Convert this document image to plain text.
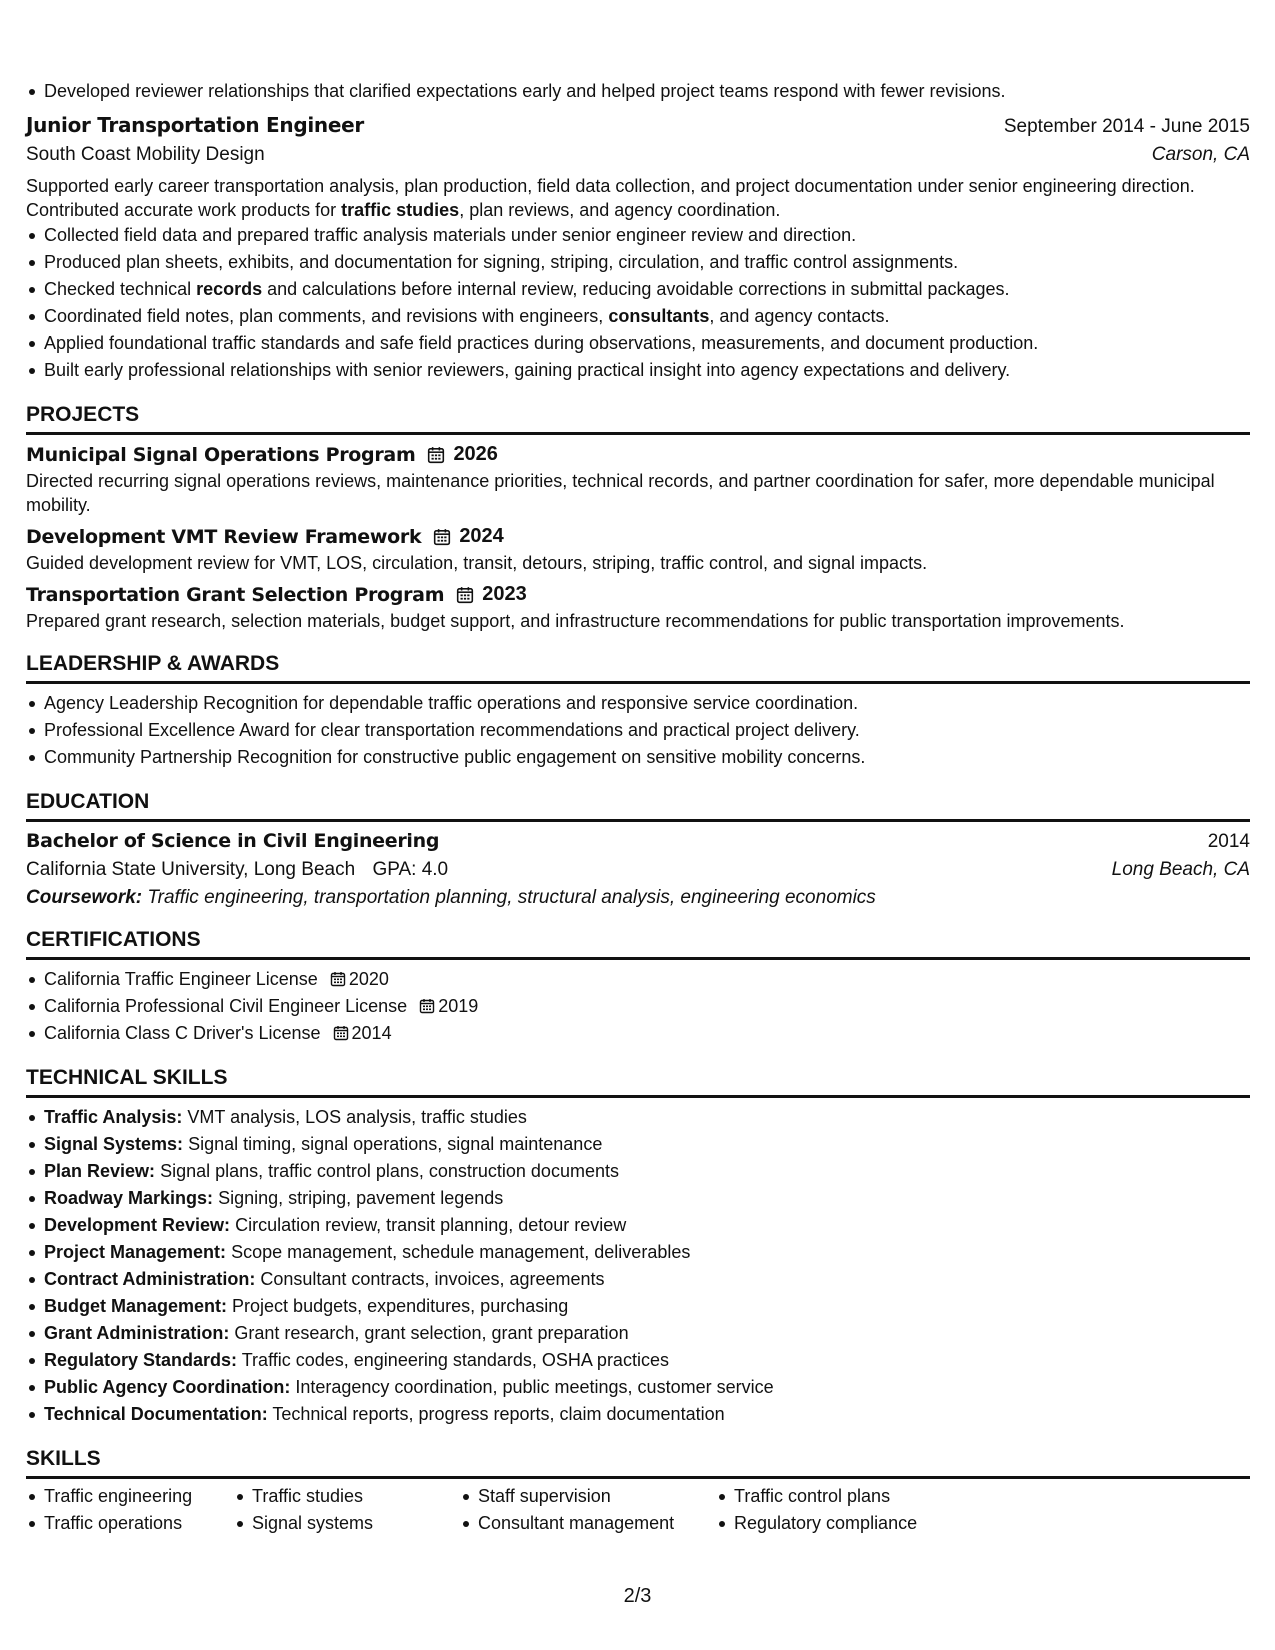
Developed reviewer relationships that clarified expectations early and helped project teams respond with fewer revisions.
Junior Transportation Engineer	September 2014 - June 2015
South Coast Mobility Design	Carson, CA
Supported early career transportation analysis, plan production, field data collection, and project documentation under senior engineering direction. Contributed accurate work products for traffic studies, plan reviews, and agency coordination.
Collected field data and prepared traffic analysis materials under senior engineer review and direction.
Produced plan sheets, exhibits, and documentation for signing, striping, circulation, and traffic control assignments.
Checked technical records and calculations before internal review, reducing avoidable corrections in submittal packages.
Coordinated field notes, plan comments, and revisions with engineers, consultants, and agency contacts.
Applied foundational traffic standards and safe field practices during observations, measurements, and document production.
Built early professional relationships with senior reviewers, gaining practical insight into agency expectations and delivery.
PROJECTS
Municipal Signal Operations Program 2026
Directed recurring signal operations reviews, maintenance priorities, technical records, and partner coordination for safer, more dependable municipal mobility.
Development VMT Review Framework 2024
Guided development review for VMT, LOS, circulation, transit, detours, striping, traffic control, and signal impacts.
Transportation Grant Selection Program 2023
Prepared grant research, selection materials, budget support, and infrastructure recommendations for public transportation improvements.
LEADERSHIP & AWARDS
Agency Leadership Recognition for dependable traffic operations and responsive service coordination.
Professional Excellence Award for clear transportation recommendations and practical project delivery.
Community Partnership Recognition for constructive public engagement on sensitive mobility concerns.
EDUCATION
Bachelor of Science in Civil Engineering	2014
California State University, Long Beach GPA: 4.0	Long Beach, CA
Coursework: Traffic engineering, transportation planning, structural analysis, engineering economics
CERTIFICATIONS
California Traffic Engineer License 2020
California Professional Civil Engineer License 2019
California Class C Driver's License 2014
TECHNICAL SKILLS
Traffic Analysis: VMT analysis, LOS analysis, traffic studies
Signal Systems: Signal timing, signal operations, signal maintenance
Plan Review: Signal plans, traffic control plans, construction documents
Roadway Markings: Signing, striping, pavement legends
Development Review: Circulation review, transit planning, detour review
Project Management: Scope management, schedule management, deliverables
Contract Administration: Consultant contracts, invoices, agreements
Budget Management: Project budgets, expenditures, purchasing
Grant Administration: Grant research, grant selection, grant preparation
Regulatory Standards: Traffic codes, engineering standards, OSHA practices
Public Agency Coordination: Interagency coordination, public meetings, customer service
Technical Documentation: Technical reports, progress reports, claim documentation
SKILLS
Traffic engineering
Traffic operations
Traffic studies
Signal systems
Staff supervision
Consultant management
Traffic control plans
Regulatory compliance
2/3
